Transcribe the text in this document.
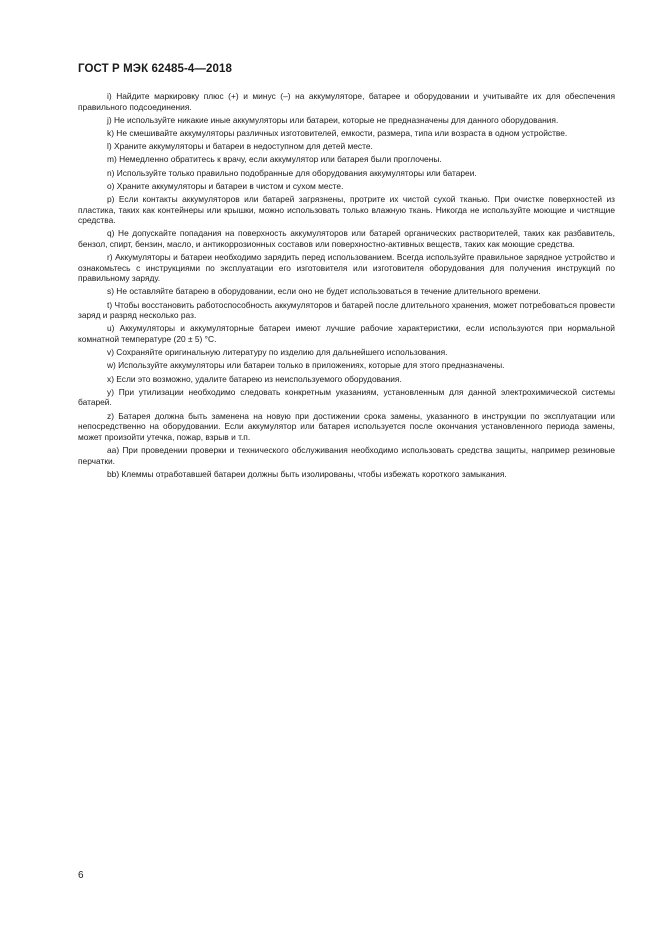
ГОСТ Р МЭК 62485-4—2018

i) Найдите маркировку плюс (+) и минус (–) на аккумуляторе, батарее и оборудовании и учитывайте их для обеспечения правильного подсоединения.

j) Не используйте никакие иные аккумуляторы или батареи, которые не предназначены для данного оборудования.

k) Не смешивайте аккумуляторы различных изготовителей, емкости, размера, типа или возраста в одном устройстве.

l) Храните аккумуляторы и батареи в недоступном для детей месте.

m) Немедленно обратитесь к врачу, если аккумулятор или батарея были проглочены.

n) Используйте только правильно подобранные для оборудования аккумуляторы или батареи.

o) Храните аккумуляторы и батареи в чистом и сухом месте.

p) Если контакты аккумуляторов или батарей загрязнены, протрите их чистой сухой тканью. При очистке поверхностей из пластика, таких как контейнеры или крышки, можно использовать только влажную ткань. Никогда не используйте моющие и чистящие средства.

q) Не допускайте попадания на поверхность аккумуляторов или батарей органических растворителей, таких как разбавитель, бензол, спирт, бензин, масло, и антикоррозионных составов или поверхностно-активных веществ, таких как моющие средства.

r) Аккумуляторы и батареи необходимо зарядить перед использованием. Всегда используйте правильное зарядное устройство и ознакомьтесь с инструкциями по эксплуатации его изготовителя или изготовителя оборудования для получения инструкций по правильному заряду.

s) Не оставляйте батарею в оборудовании, если оно не будет использоваться в течение длительного времени.

t) Чтобы восстановить работоспособность аккумуляторов и батарей после длительного хранения, может потребоваться провести заряд и разряд несколько раз.

u) Аккумуляторы и аккумуляторные батареи имеют лучшие рабочие характеристики, если используются при нормальной комнатной температуре (20 ± 5) °С.

v) Сохраняйте оригинальную литературу по изделию для дальнейшего использования.

w) Используйте аккумуляторы или батареи только в приложениях, которые для этого предназначены.

x) Если это возможно, удалите батарею из неиспользуемого оборудования.

y) При утилизации необходимо следовать конкретным указаниям, установленным для данной электрохимической системы батарей.

z) Батарея должна быть заменена на новую при достижении срока замены, указанного в инструкции по эксплуатации или непосредственно на оборудовании. Если аккумулятор или батарея используется после окончания установленного периода замены, может произойти утечка, пожар, взрыв и т.п.

aa) При проведении проверки и технического обслуживания необходимо использовать средства защиты, например резиновые перчатки.

bb) Клеммы отработавшей батареи должны быть изолированы, чтобы избежать короткого замыкания.

6
